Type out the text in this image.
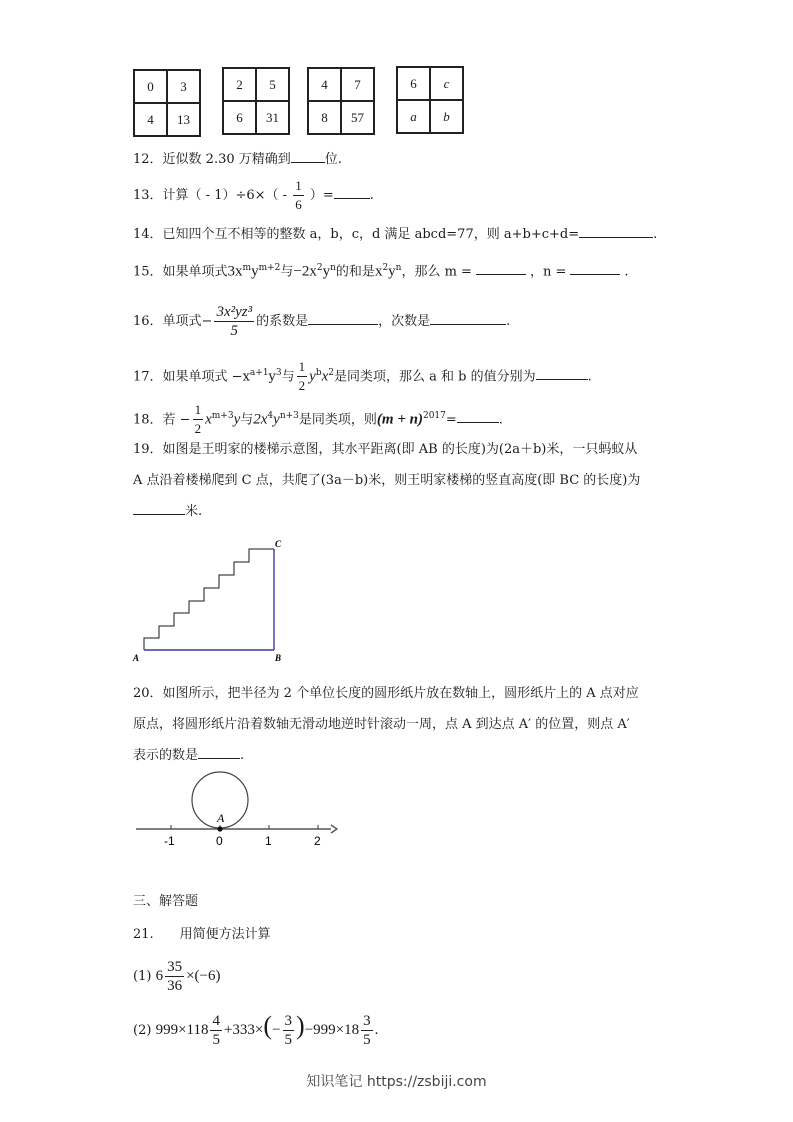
0	3
4	13
2	5
6	31
4	7
8	57
6	c
a	b
12．近似数 2.30 万精确到	位.
13．计算（ - $1)\div 6\times( - \frac{1}{6}$ ）=	.
14．已知四个互不相等的整数 a，b，c，d 满足 abcd=77，则 a+b+c+d=	.
15．如果单项式$3x^my^{m+2}$与$-2x^2y^n$的和是$x^2y^n$，那么 m =	，n =	.
16．单项式− $\frac{\text{3x²yz³}}{5}$ 的系数是	，次数是	.
17．如果单项式 $-x^{a+1}y^3$与 $\frac{1}{2} y^bx^2$是同类项，那么 a 和 b 的值分别为	.
18．若 − $\frac{1}{2} x^{m+3}y$与$2x^4y^{n+3}$是同类项，则$(m + n)^{2017}=$	.
19．如图是王明家的楼梯示意图，其水平距离(即 AB 的长度)为(2a＋b)米，一只蚂蚁从
A 点沿着楼梯爬到 C 点，共爬了(3a－b)米，则王明家楼梯的竖直高度(即 BC 的长度)为
米.
A	B
C
20．如图所示，把半径为 2 个单位长度的圆形纸片放在数轴上，圆形纸片上的 A 点对应
原点，将圆形纸片沿着数轴无滑动地逆时针滚动一周，点 A 到达点 A′ 的位置，则点 A′
表示的数是	.
A
-1	0	1	2
三、解答题
21.　　用简便方法计算
(1) $6 \frac{35}{36} \times(-6)$
(2) $999\times 118 \frac{4}{5} +333\times(- \frac{3}{5} )-999\times 18 \frac{3}{5}$ .
知识笔记 https://zsbiji.com
